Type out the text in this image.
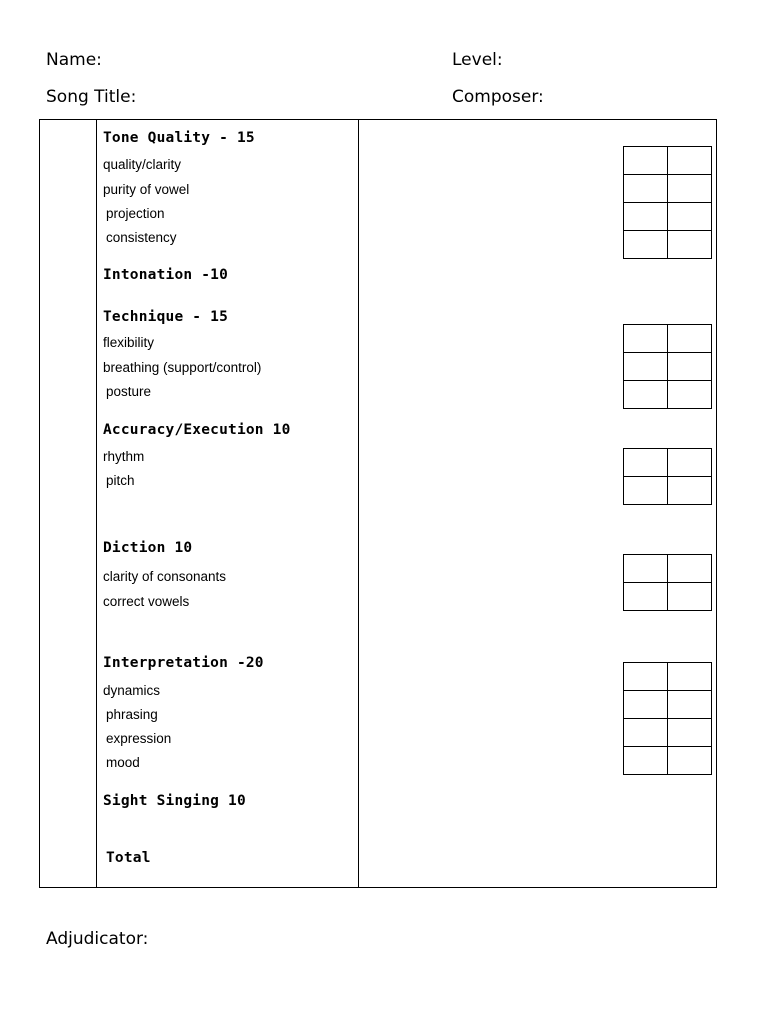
Name:	Level:
Song Title:	Composer:
Tone Quality - 15
quality/clarity
purity of vowel
projection
consistency
Intonation -10
Technique - 15
flexibility
breathing (support/control)
posture
Accuracy/Execution 10
rhythm
pitch
Diction 10
clarity of consonants
correct vowels
Interpretation -20
dynamics
phrasing
expression
mood
Sight Singing 10
Total

Adjudicator:
